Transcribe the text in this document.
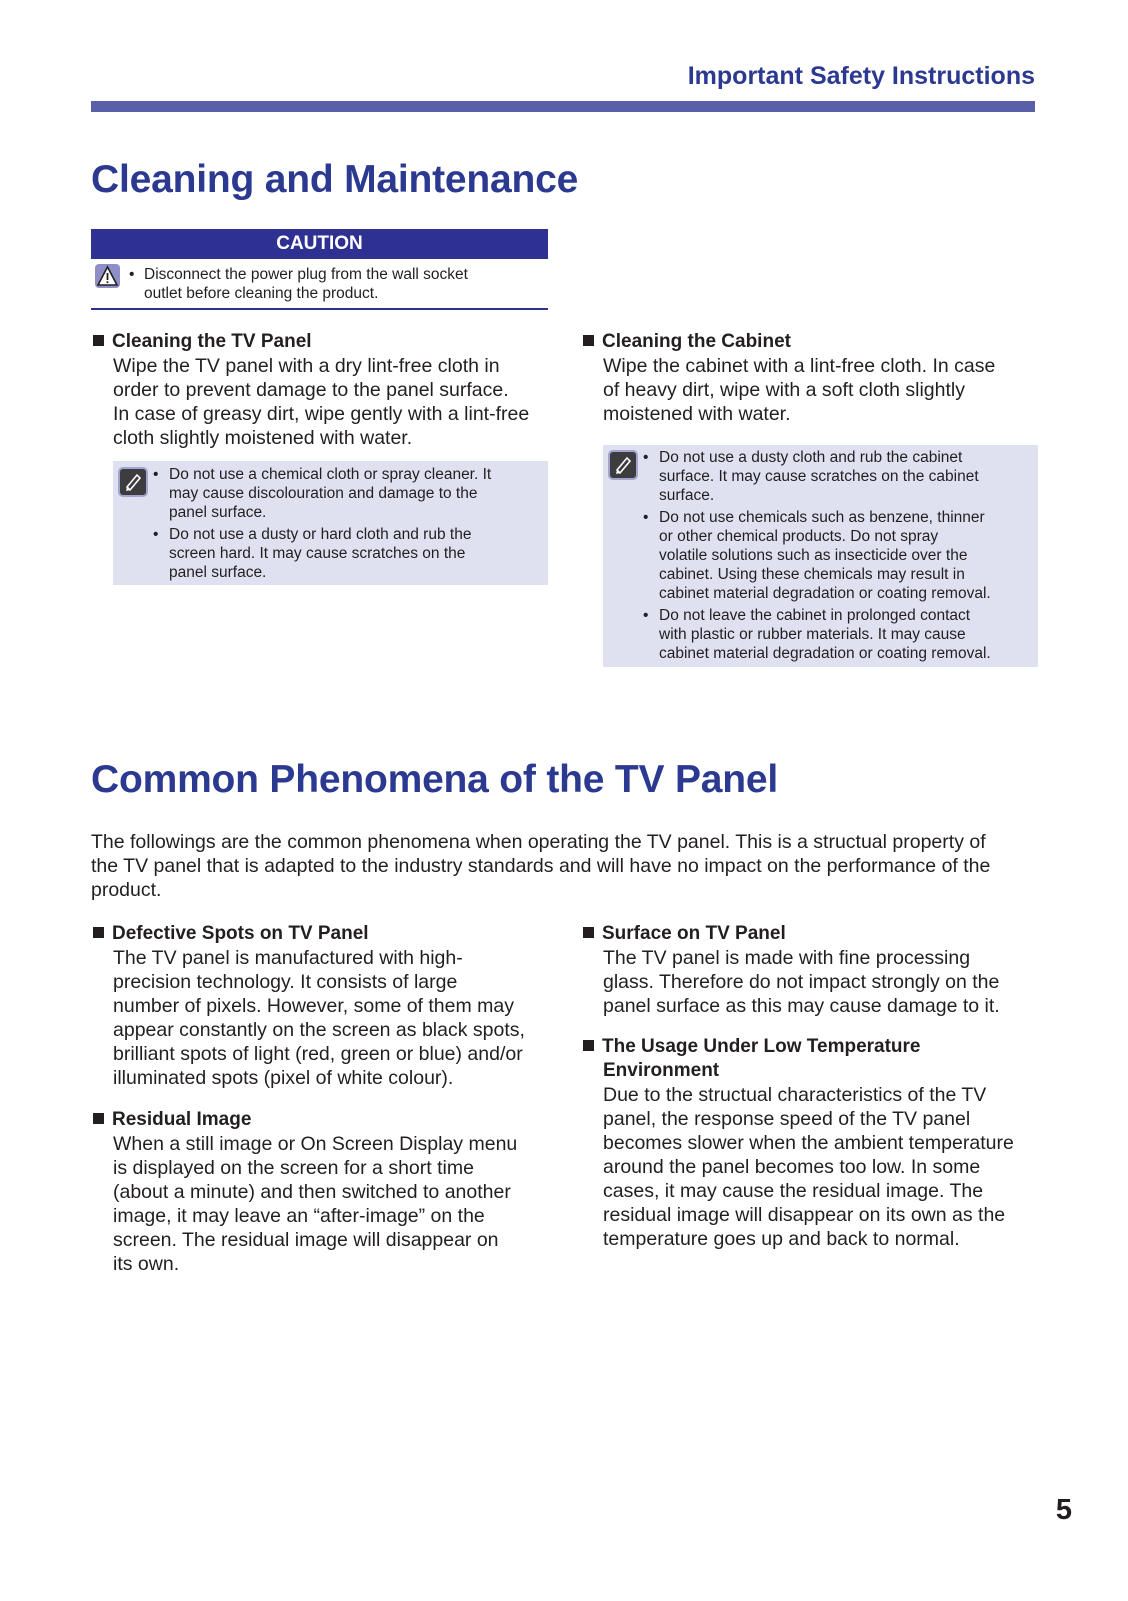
Important Safety Instructions
Cleaning and Maintenance
CAUTION
• Disconnect the power plug from the wall socket
outlet before cleaning the product.
Cleaning the TV Panel
Wipe the TV panel with a dry lint-free cloth in
order to prevent damage to the panel surface.
In case of greasy dirt, wipe gently with a lint-free
cloth slightly moistened with water.
• Do not use a chemical cloth or spray cleaner. It
may cause discolouration and damage to the
panel surface.
• Do not use a dusty or hard cloth and rub the
screen hard. It may cause scratches on the
panel surface.
Cleaning the Cabinet
Wipe the cabinet with a lint-free cloth. In case
of heavy dirt, wipe with a soft cloth slightly
moistened with water.
• Do not use a dusty cloth and rub the cabinet
surface. It may cause scratches on the cabinet
surface.
• Do not use chemicals such as benzene, thinner
or other chemical products. Do not spray
volatile solutions such as insecticide over the
cabinet. Using these chemicals may result in
cabinet material degradation or coating removal.
• Do not leave the cabinet in prolonged contact
with plastic or rubber materials. It may cause
cabinet material degradation or coating removal.
Common Phenomena of the TV Panel
The followings are the common phenomena when operating the TV panel. This is a structual property of
the TV panel that is adapted to the industry standards and will have no impact on the performance of the
product.
Defective Spots on TV Panel
The TV panel is manufactured with high-
precision technology. It consists of large
number of pixels. However, some of them may
appear constantly on the screen as black spots,
brilliant spots of light (red, green or blue) and/or
illuminated spots (pixel of white colour).
Residual Image
When a still image or On Screen Display menu
is displayed on the screen for a short time
(about a minute) and then switched to another
image, it may leave an “after-image” on the
screen. The residual image will disappear on
its own.
Surface on TV Panel
The TV panel is made with fine processing
glass. Therefore do not impact strongly on the
panel surface as this may cause damage to it.
The Usage Under Low Temperature
Environment
Due to the structual characteristics of the TV
panel, the response speed of the TV panel
becomes slower when the ambient temperature
around the panel becomes too low. In some
cases, it may cause the residual image. The
residual image will disappear on its own as the
temperature goes up and back to normal.
5
